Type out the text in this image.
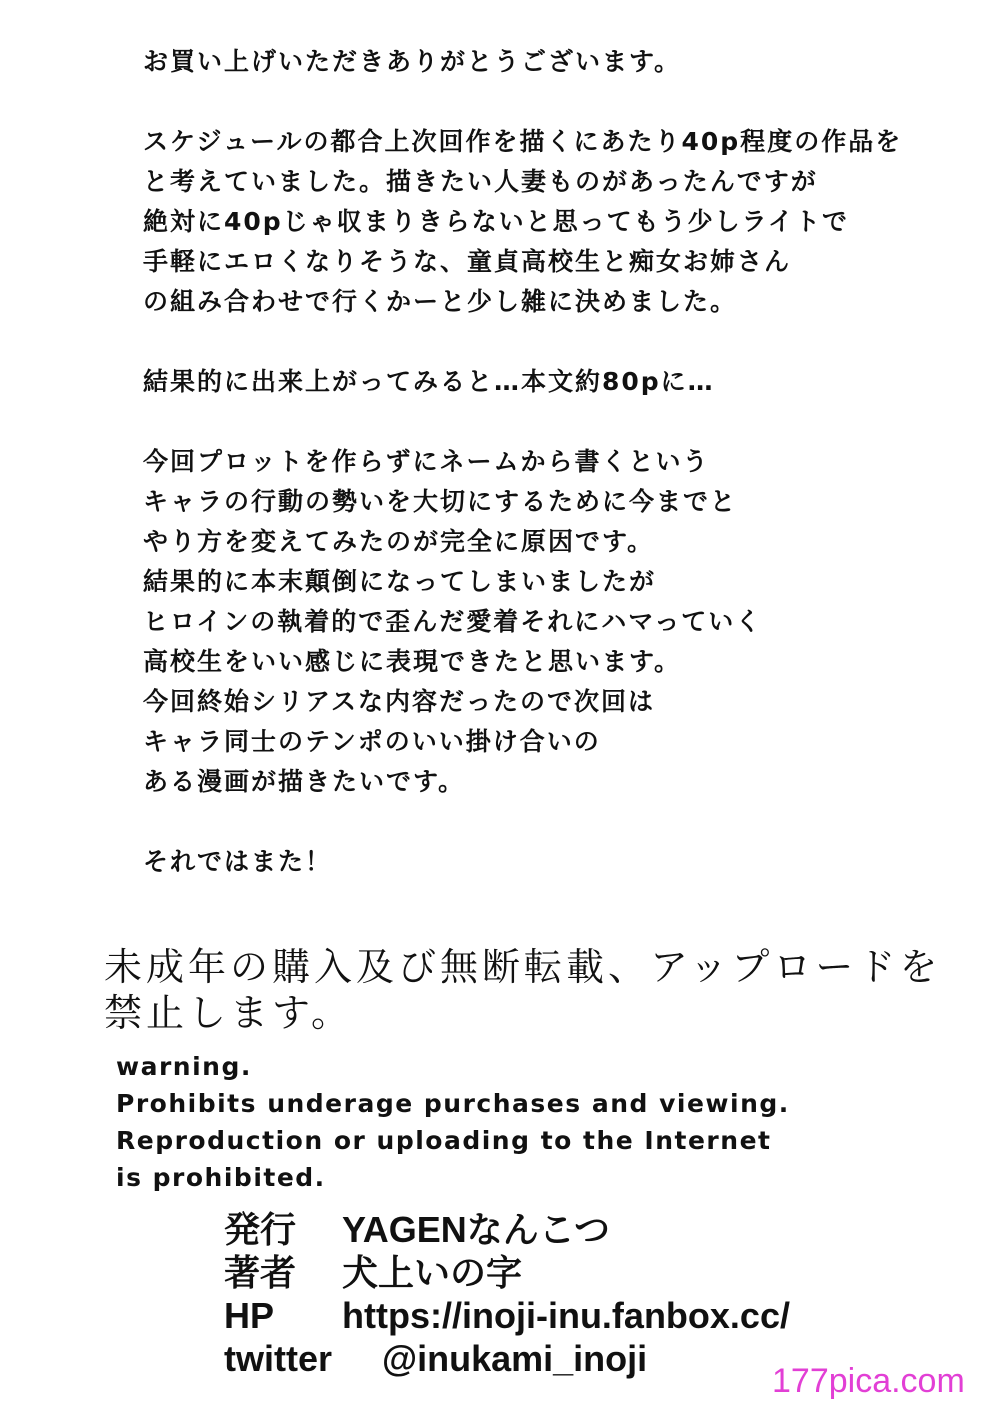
お買い上げいただきありがとうございます。

スケジュールの都合上次回作を描くにあたり40p程度の作品を

と考えていました。描きたい人妻ものがあったんですが

絶対に40pじゃ収まりきらないと思ってもう少しライトで

手軽にエロくなりそうな、童貞高校生と痴女お姉さん

の組み合わせで行くかーと少し雑に決めました。

結果的に出来上がってみると…本文約80pに…

今回プロットを作らずにネームから書くという

キャラの行動の勢いを大切にするために今までと

やり方を変えてみたのが完全に原因です。

結果的に本末顛倒になってしまいましたが

ヒロインの執着的で歪んだ愛着それにハマっていく

高校生をいい感じに表現できたと思います。

今回終始シリアスな内容だったので次回は

キャラ同士のテンポのいい掛け合いの

ある漫画が描きたいです。

それではまた！

未成年の購入及び無断転載、アップロードを

禁止します。

warning.

Prohibits underage purchases and viewing.

Reproduction or uploading to the Internet

is prohibited.

発行	YAGENなんこつ
著者	犬上いの字
HP	https://inoji-inu.fanbox.cc/
twitter	@inukami_inoji
177pica.com
